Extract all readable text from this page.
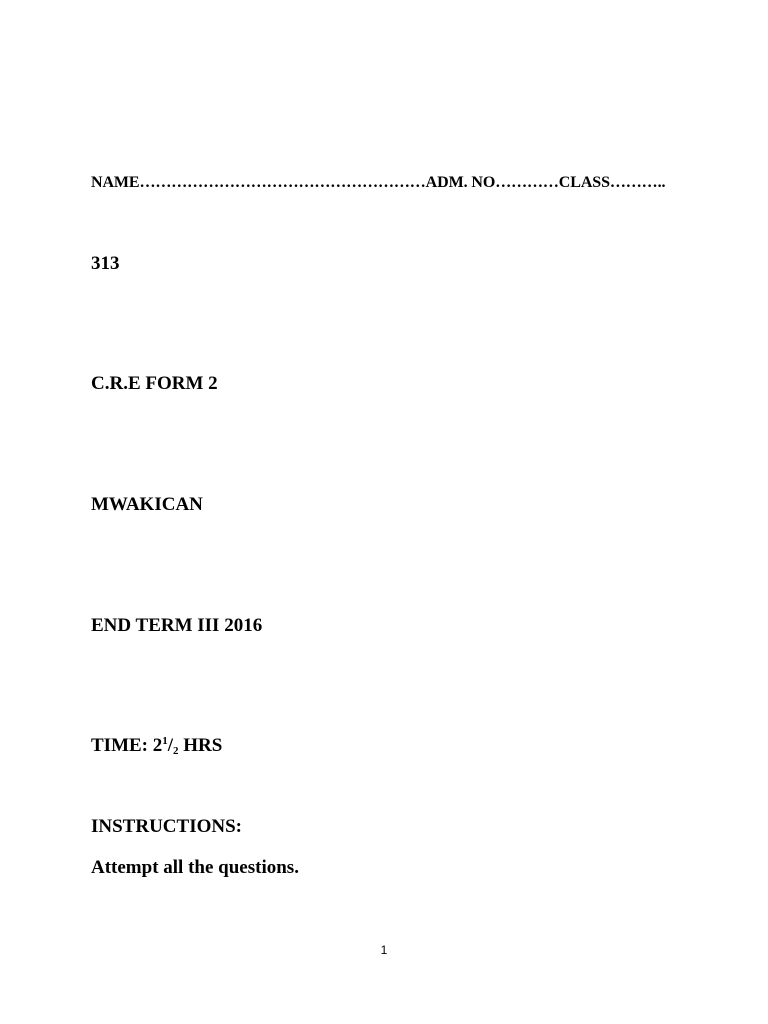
NAME………………………………………………ADM. NO…………CLASS………..

313

C.R.E FORM 2

MWAKICAN

END TERM III 2016

TIME: $2^1/_2$ HRS

INSTRUCTIONS:

Attempt all the questions.

1
